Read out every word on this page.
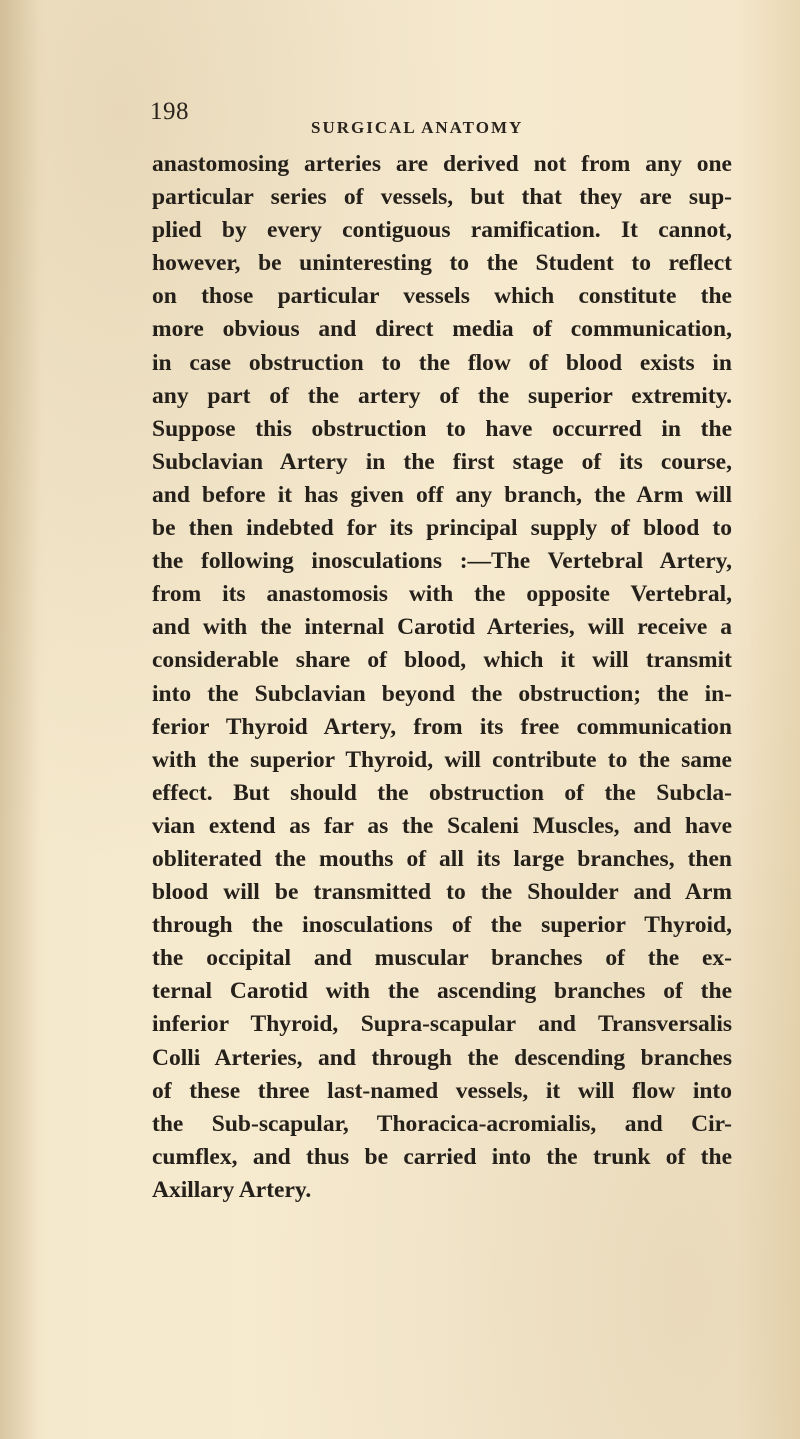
198
SURGICAL ANATOMY
anastomosing arteries are derived not from any one
particular series of vessels, but that they are sup-
plied by every contiguous ramification. It cannot,
however, be uninteresting to the Student to reflect
on those particular vessels which constitute the
more obvious and direct media of communication,
in case obstruction to the flow of blood exists in
any part of the artery of the superior extremity.
Suppose this obstruction to have occurred in the
Subclavian Artery in the first stage of its course,
and before it has given off any branch, the Arm will
be then indebted for its principal supply of blood to
the following inosculations :—The Vertebral Artery,
from its anastomosis with the opposite Vertebral,
and with the internal Carotid Arteries, will receive a
considerable share of blood, which it will transmit
into the Subclavian beyond the obstruction; the in-
ferior Thyroid Artery, from its free communication
with the superior Thyroid, will contribute to the same
effect. But should the obstruction of the Subcla-
vian extend as far as the Scaleni Muscles, and have
obliterated the mouths of all its large branches, then
blood will be transmitted to the Shoulder and Arm
through the inosculations of the superior Thyroid,
the occipital and muscular branches of the ex-
ternal Carotid with the ascending branches of the
inferior Thyroid, Supra-scapular and Transversalis
Colli Arteries, and through the descending branches
of these three last-named vessels, it will flow into
the Sub-scapular, Thoracica-acromialis, and Cir-
cumflex, and thus be carried into the trunk of the
Axillary Artery.
